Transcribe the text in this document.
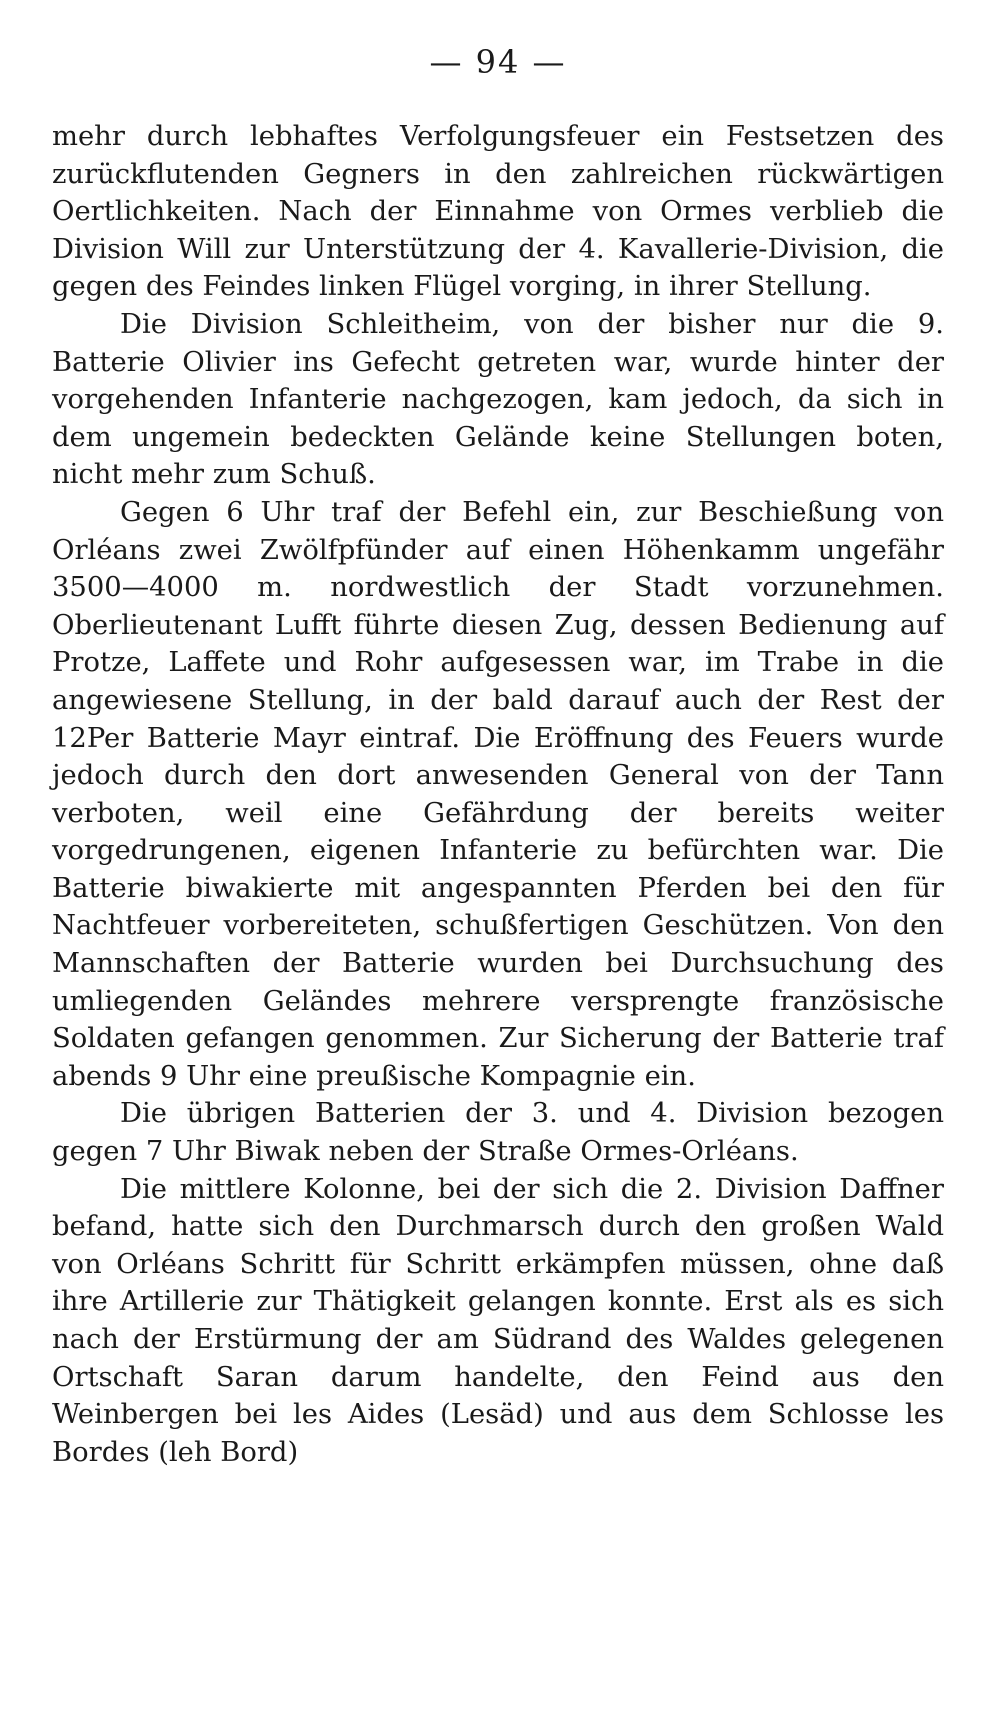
— 94 —

mehr durch lebhaftes Verfolgungsfeuer ein Festsetzen des zurückflutenden Gegners in den zahlreichen rückwärtigen Oertlichkeiten. Nach der Einnahme von Ormes verblieb die Division Will zur Unterstützung der 4. Kavallerie-Division, die gegen des Feindes linken Flügel vorging, in ihrer Stellung.

Die Division Schleitheim, von der bisher nur die 9. Batterie Olivier ins Gefecht getreten war, wurde hinter der vorgehenden Infanterie nachgezogen, kam jedoch, da sich in dem ungemein bedeckten Gelände keine Stellungen boten, nicht mehr zum Schuß.

Gegen 6 Uhr traf der Befehl ein, zur Beschießung von Orléans zwei Zwölfpfünder auf einen Höhenkamm ungefähr 3500—4000 m. nordwestlich der Stadt vorzunehmen. Oberlieutenant Lufft führte diesen Zug, dessen Bedienung auf Protze, Laffete und Rohr aufgesessen war, im Trabe in die angewiesene Stellung, in der bald darauf auch der Rest der 12Per Batterie Mayr eintraf. Die Eröffnung des Feuers wurde jedoch durch den dort anwesenden General von der Tann verboten, weil eine Gefährdung der bereits weiter vorgedrungenen, eigenen Infanterie zu befürchten war. Die Batterie biwakierte mit angespannten Pferden bei den für Nachtfeuer vorbereiteten, schußfertigen Geschützen. Von den Mannschaften der Batterie wurden bei Durchsuchung des umliegenden Geländes mehrere versprengte französische Soldaten gefangen genommen. Zur Sicherung der Batterie traf abends 9 Uhr eine preußische Kompagnie ein.

Die übrigen Batterien der 3. und 4. Division bezogen gegen 7 Uhr Biwak neben der Straße Ormes-Orléans.

Die mittlere Kolonne, bei der sich die 2. Division Daffner befand, hatte sich den Durchmarsch durch den großen Wald von Orléans Schritt für Schritt erkämpfen müssen, ohne daß ihre Artillerie zur Thätigkeit gelangen konnte. Erst als es sich nach der Erstürmung der am Südrand des Waldes gelegenen Ortschaft Saran darum handelte, den Feind aus den Weinbergen bei les Aides (Lesäd) und aus dem Schlosse les Bordes (leh Bord)
